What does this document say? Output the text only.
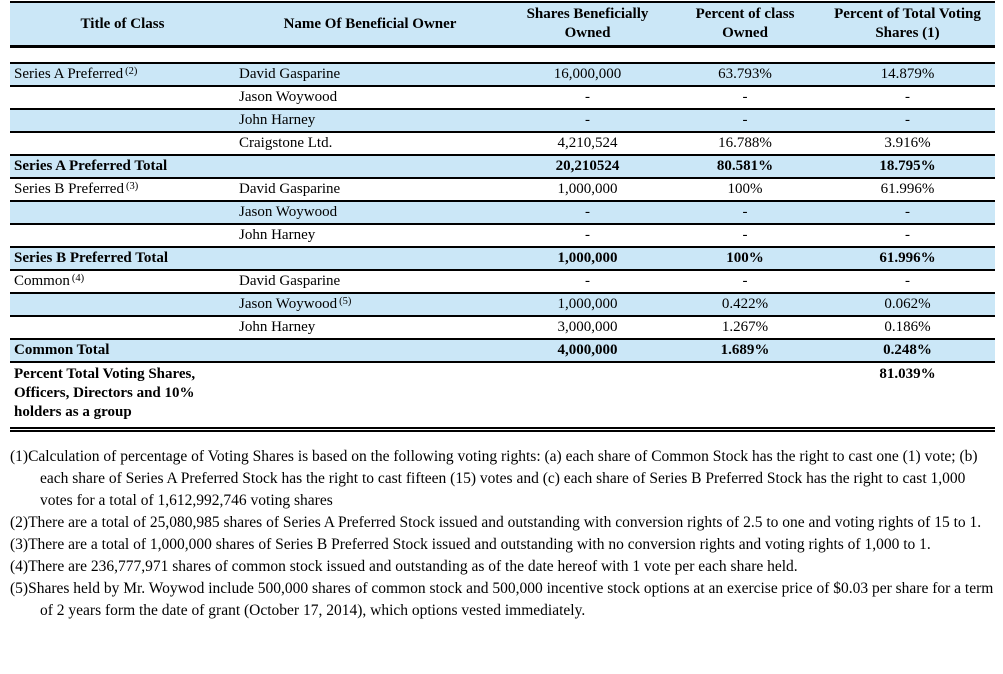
Title of Class	Name Of Beneficial Owner	Shares Beneficially Owned	Percent of class Owned	Percent of Total Voting Shares (1)

Series A Preferred $^{(2)}$	David Gasparine	16,000,000	63.793%	14.879%
	Jason Woywood	-	-	-
	John Harney	-	-	-
	Craigstone Ltd.	4,210,524	16.788%	3.916%
Series A Preferred Total		20,210524	80.581%	18.795%
Series B Preferred $^{(3)}$	David Gasparine	1,000,000	100%	61.996%
	Jason Woywood	-	-	-
	John Harney	-	-	-
Series B Preferred Total		1,000,000	100%	61.996%
Common $^{(4)}$	David Gasparine	-	-	-
	Jason Woywood $^{(5)}$	1,000,000	0.422%	0.062%
	John Harney	3,000,000	1.267%	0.186%
Common Total		4,000,000	1.689%	0.248%
Percent Total Voting Shares, Officers, Directors and 10% holders as a group				81.039%

(1)Calculation of percentage of Voting Shares is based on the following voting rights: (a) each share of Common Stock has the right to cast one (1) vote; (b) each share of Series A Preferred Stock has the right to cast fifteen (15) votes and (c) each share of Series B Preferred Stock has the right to cast 1,000 votes for a total of 1,612,992,746 voting shares

(2)There are a total of 25,080,985 shares of Series A Preferred Stock issued and outstanding with conversion rights of 2.5 to one and voting rights of 15 to 1.

(3)There are a total of 1,000,000 shares of Series B Preferred Stock issued and outstanding with no conversion rights and voting rights of 1,000 to 1.

(4)There are 236,777,971 shares of common stock issued and outstanding as of the date hereof with 1 vote per each share held.

(5)Shares held by Mr. Woywod include 500,000 shares of common stock and 500,000 incentive stock options at an exercise price of $0.03 per share for a term of 2 years form the date of grant (October 17, 2014), which options vested immediately.
